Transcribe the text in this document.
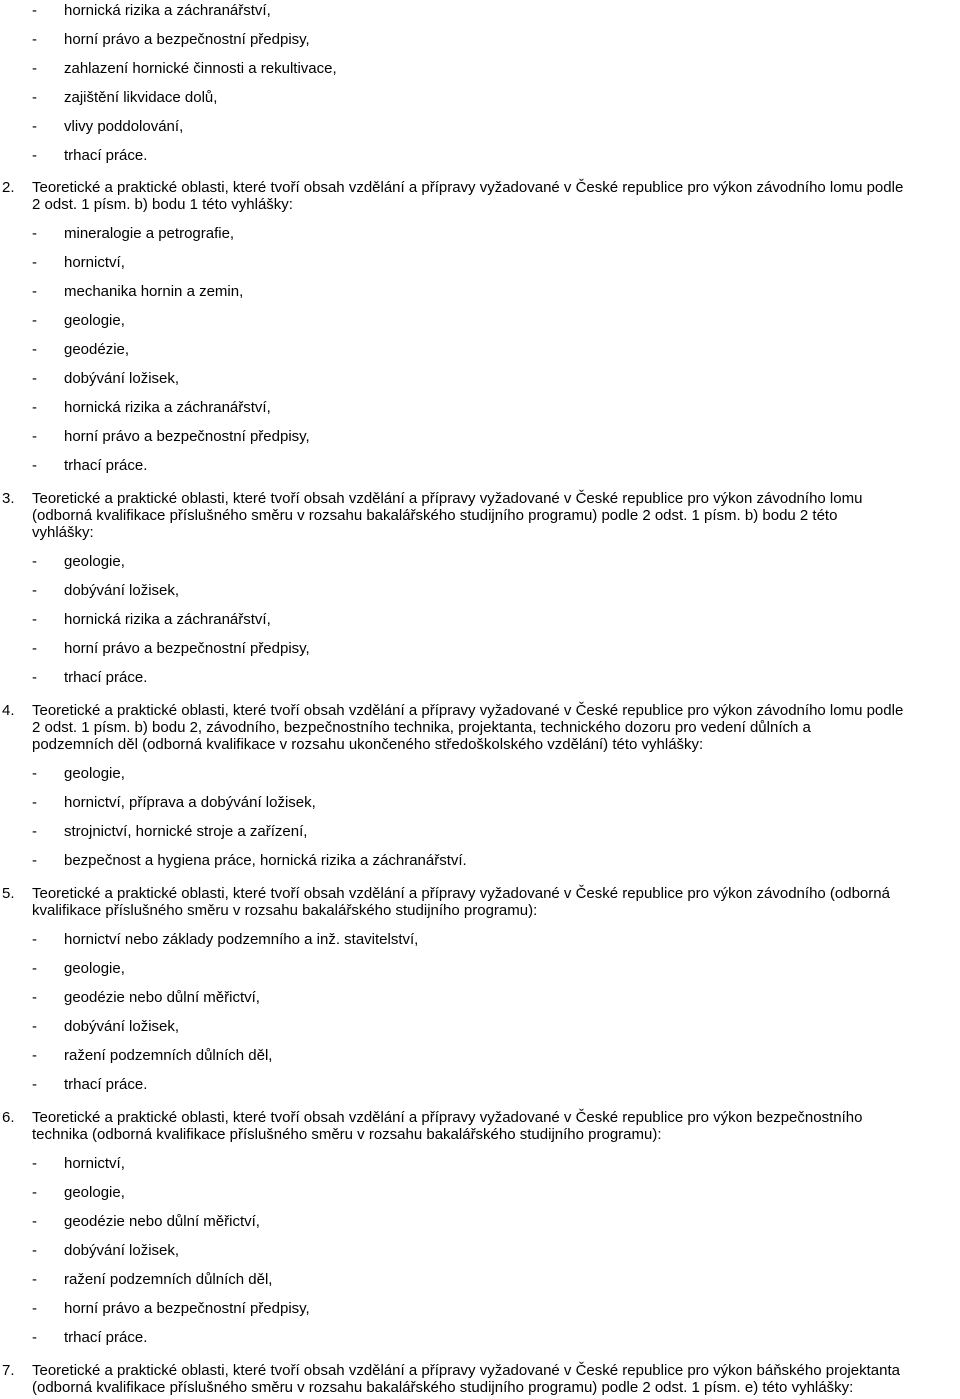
- hornická rizika a záchranářství,
- horní právo a bezpečnostní předpisy,
- zahlazení hornické činnosti a rekultivace,
- zajištění likvidace dolů,
- vlivy poddolování,
- trhací práce.
2. Teoretické a praktické oblasti, které tvoří obsah vzdělání a přípravy vyžadované v České republice pro výkon závodního lomu podle
2 odst. 1 písm. b) bodu 1 této vyhlášky:
- mineralogie a petrografie,
- hornictví,
- mechanika hornin a zemin,
- geologie,
- geodézie,
- dobývání ložisek,
- hornická rizika a záchranářství,
- horní právo a bezpečnostní předpisy,
- trhací práce.
3. Teoretické a praktické oblasti, které tvoří obsah vzdělání a přípravy vyžadované v České republice pro výkon závodního lomu
(odborná kvalifikace příslušného směru v rozsahu bakalářského studijního programu) podle 2 odst. 1 písm. b) bodu 2 této
vyhlášky:
- geologie,
- dobývání ložisek,
- hornická rizika a záchranářství,
- horní právo a bezpečnostní předpisy,
- trhací práce.
4. Teoretické a praktické oblasti, které tvoří obsah vzdělání a přípravy vyžadované v České republice pro výkon závodního lomu podle
2 odst. 1 písm. b) bodu 2, závodního, bezpečnostního technika, projektanta, technického dozoru pro vedení důlních a
podzemních děl (odborná kvalifikace v rozsahu ukončeného středoškolského vzdělání) této vyhlášky:
- geologie,
- hornictví, příprava a dobývání ložisek,
- strojnictví, hornické stroje a zařízení,
- bezpečnost a hygiena práce, hornická rizika a záchranářství.
5. Teoretické a praktické oblasti, které tvoří obsah vzdělání a přípravy vyžadované v České republice pro výkon závodního (odborná
kvalifikace příslušného směru v rozsahu bakalářského studijního programu):
- hornictví nebo základy podzemního a inž. stavitelství,
- geologie,
- geodézie nebo důlní měřictví,
- dobývání ložisek,
- ražení podzemních důlních děl,
- trhací práce.
6. Teoretické a praktické oblasti, které tvoří obsah vzdělání a přípravy vyžadované v České republice pro výkon bezpečnostního
technika (odborná kvalifikace příslušného směru v rozsahu bakalářského studijního programu):
- hornictví,
- geologie,
- geodézie nebo důlní měřictví,
- dobývání ložisek,
- ražení podzemních důlních děl,
- horní právo a bezpečnostní předpisy,
- trhací práce.
7. Teoretické a praktické oblasti, které tvoří obsah vzdělání a přípravy vyžadované v České republice pro výkon báňského projektanta
(odborná kvalifikace příslušného směru v rozsahu bakalářského studijního programu) podle 2 odst. 1 písm. e) této vyhlášky:
